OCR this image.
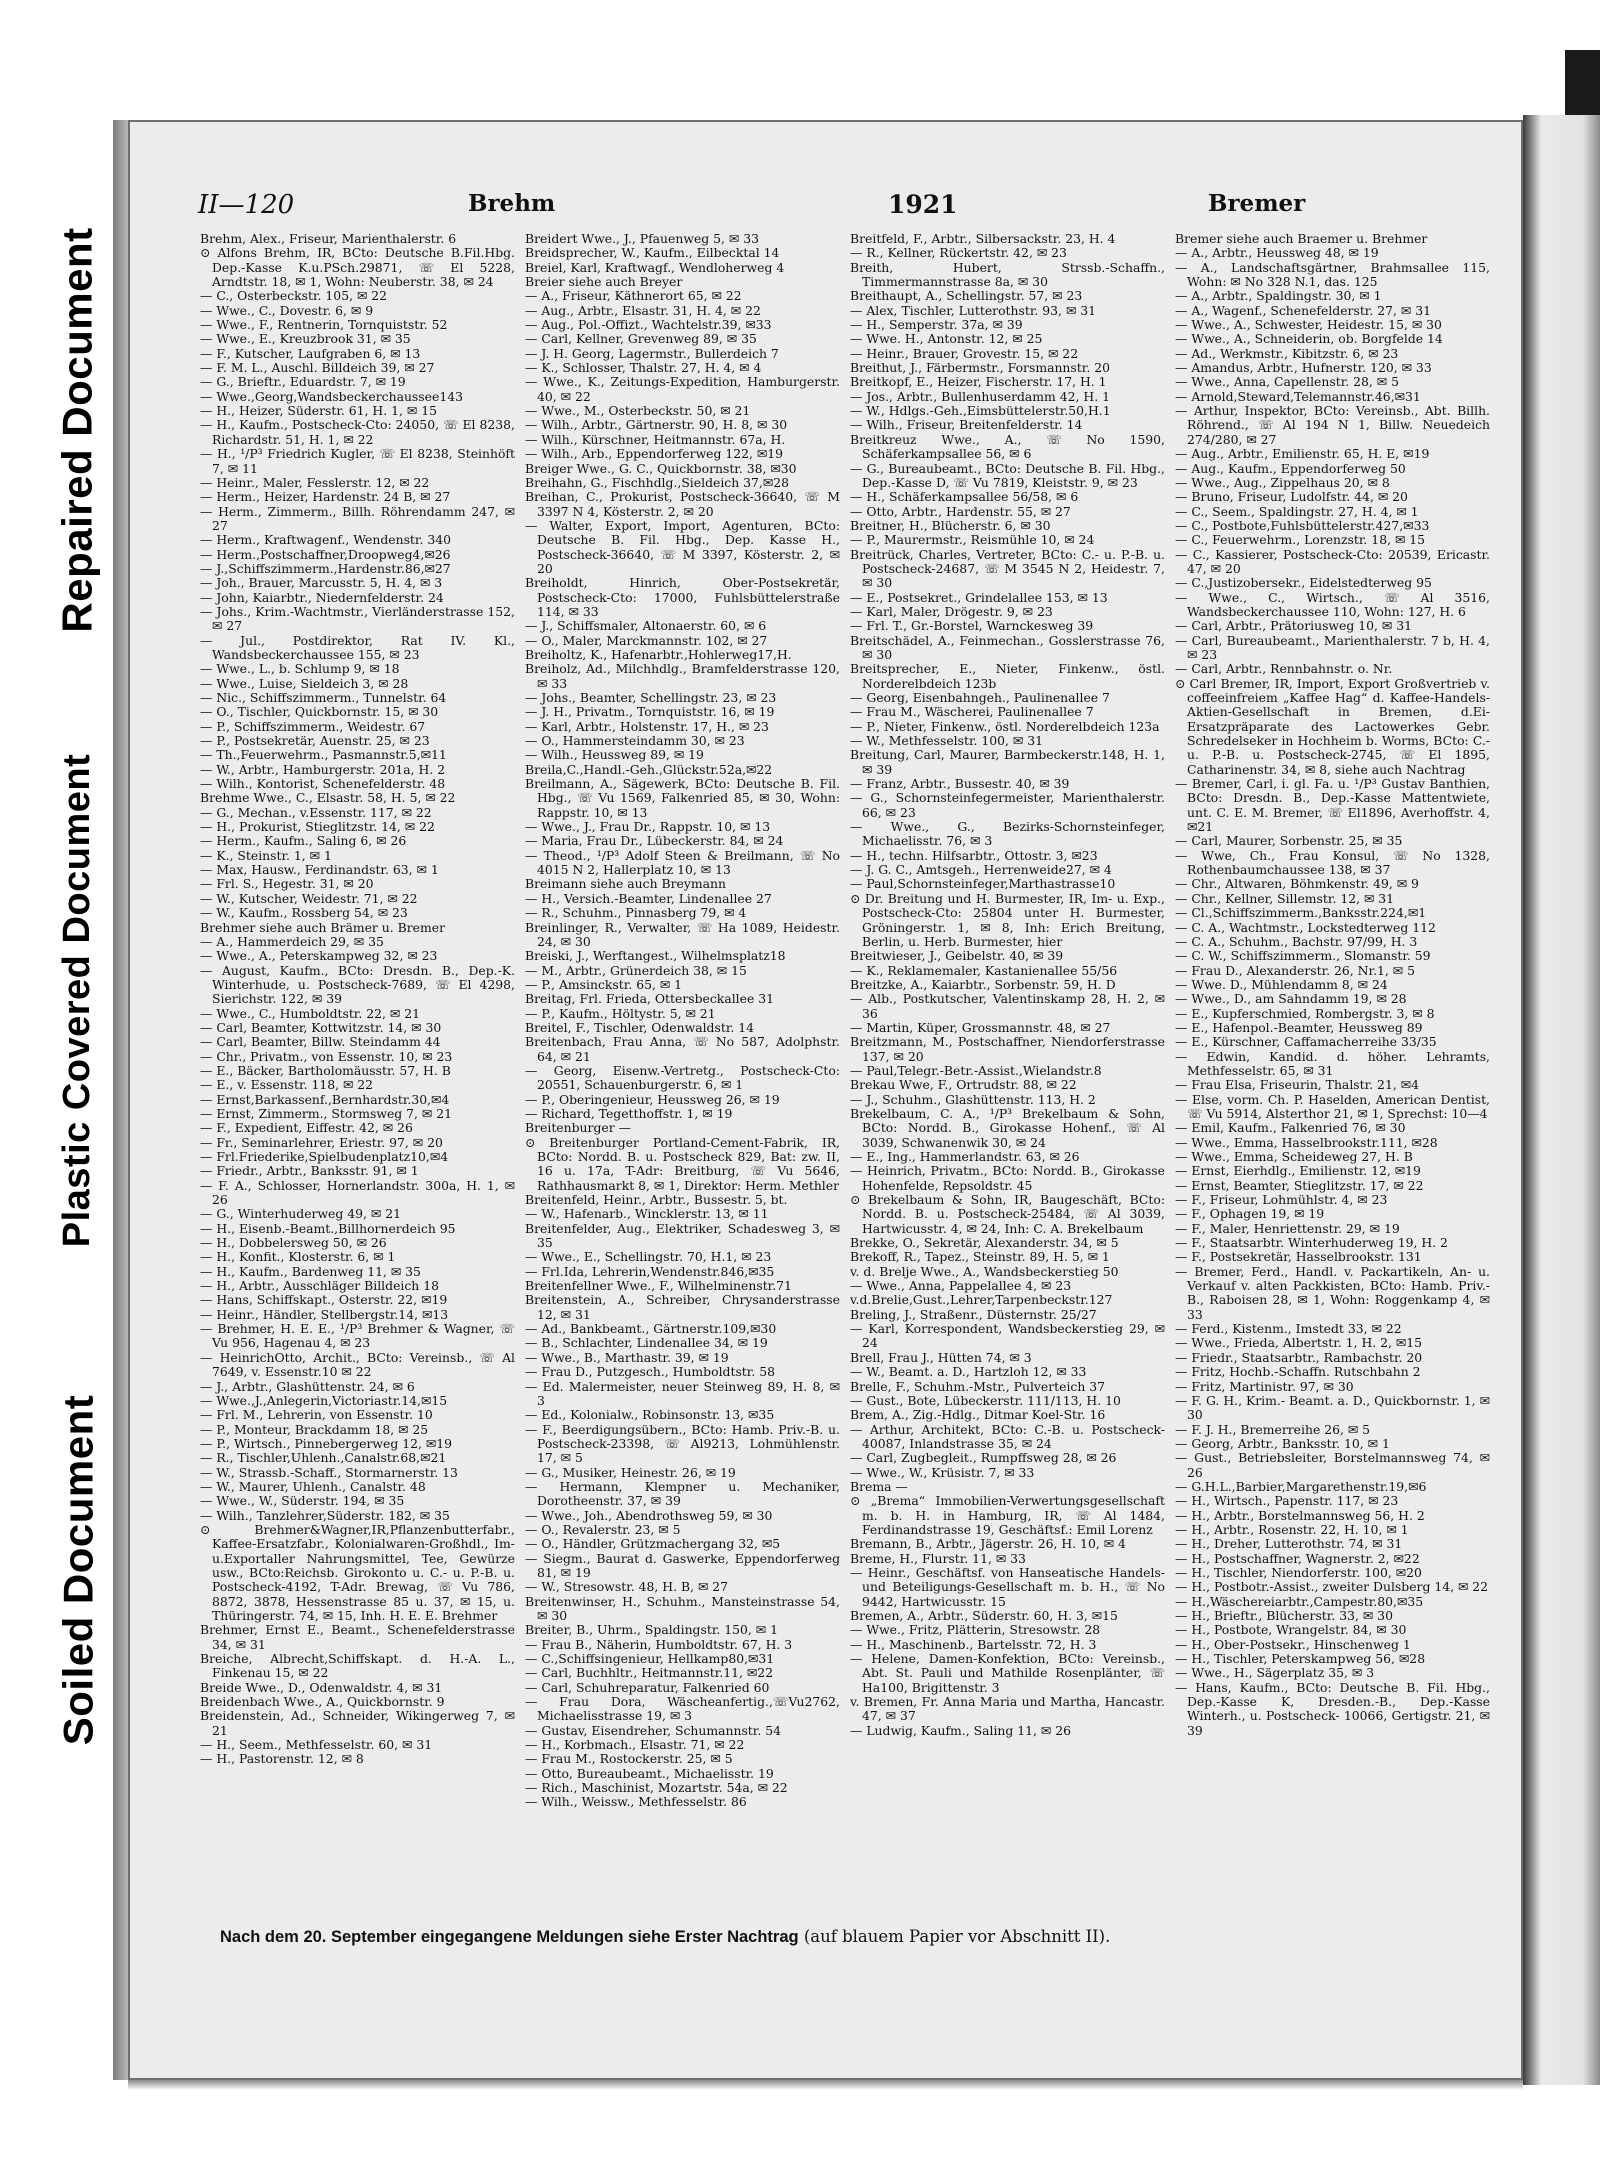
Repaired Document
Plastic Covered Document
Soiled Document
II—120	Brehm	1921	Bremer

Brehm, Alex., Friseur, Marienthalerstr. 6

⊙ Alfons Brehm, IR, BCto: Deutsche B.Fil.Hbg. Dep.-Kasse K.u.PSch.29871, ☏ El 5228, Arndtstr. 18, ✉ 1, Wohn: Neuberstr. 38, ✉ 24

— C., Osterbeckstr. 105, ✉ 22

— Wwe., C., Dovestr. 6, ✉ 9

— Wwe., F., Rentnerin, Tornquiststr. 52

— Wwe., E., Kreuzbrook 31, ✉ 35

— F., Kutscher, Laufgraben 6, ✉ 13

— F. M. L., Auschl. Billdeich 39, ✉ 27

— G., Brieftr., Eduardstr. 7, ✉ 19

— Wwe.,Georg,Wandsbeckerchaussee143

— H., Heizer, Süderstr. 61, H. 1, ✉ 15

— H., Kaufm., Postscheck-Cto: 24050, ☏ El 8238, Richardstr. 51, H. 1, ✉ 22

— H., ¹/P³ Friedrich Kugler, ☏ El 8238, Steinhöft 7, ✉ 11

— Heinr., Maler, Fesslerstr. 12, ✉ 22

— Herm., Heizer, Hardenstr. 24 B, ✉ 27

— Herm., Zimmerm., Billh. Röhrendamm 247, ✉ 27

— Herm., Kraftwagenf., Wendenstr. 340

— Herm.,Postschaffner,Droopweg4,✉26

— J.,Schiffszimmerm.,Hardenstr.86,✉27

— Joh., Brauer, Marcusstr. 5, H. 4, ✉ 3

— John, Kaiarbtr., Niedernfelderstr. 24

— Johs., Krim.-Wachtmstr., Vierländerstrasse 152, ✉ 27

— Jul., Postdirektor, Rat IV. Kl., Wandsbeckerchaussee 155, ✉ 23

— Wwe., L., b. Schlump 9, ✉ 18

— Wwe., Luise, Sieldeich 3, ✉ 28

— Nic., Schiffszimmerm., Tunnelstr. 64

— O., Tischler, Quickbornstr. 15, ✉ 30

— P., Schiffszimmerm., Weidestr. 67

— P., Postsekretär, Auenstr. 25, ✉ 23

— Th.,Feuerwehrm., Pasmannstr.5,✉11

— W., Arbtr., Hamburgerstr. 201a, H. 2

— Wilh., Kontorist, Schenefelderstr. 48

Brehme Wwe., C., Elsastr. 58, H. 5, ✉ 22

— G., Mechan., v.Essenstr. 117, ✉ 22

— H., Prokurist, Stieglitzstr. 14, ✉ 22

— Herm., Kaufm., Saling 6, ✉ 26

— K., Steinstr. 1, ✉ 1

— Max, Hausw., Ferdinandstr. 63, ✉ 1

— Frl. S., Hegestr. 31, ✉ 20

— W., Kutscher, Weidestr. 71, ✉ 22

— W., Kaufm., Rossberg 54, ✉ 23

Brehmer siehe auch Brämer u. Bremer

— A., Hammerdeich 29, ✉ 35

— Wwe., A., Peterskampweg 32, ✉ 23

— August, Kaufm., BCto: Dresdn. B., Dep.-K. Winterhude, u. Postscheck-7689, ☏ El 4298, Sierichstr. 122, ✉ 39

— Wwe., C., Humboldtstr. 22, ✉ 21

— Carl, Beamter, Kottwitzstr. 14, ✉ 30

— Carl, Beamter, Billw. Steindamm 44

— Chr., Privatm., von Essenstr. 10, ✉ 23

— E., Bäcker, Bartholomäusstr. 57, H. B

— E., v. Essenstr. 118, ✉ 22

— Ernst,Barkassenf.,Bernhardstr.30,✉4

— Ernst, Zimmerm., Stormsweg 7, ✉ 21

— F., Expedient, Eiffestr. 42, ✉ 26

— Fr., Seminarlehrer, Eriestr. 97, ✉ 20

— Frl.Friederike,Spielbudenplatz10,✉4

— Friedr., Arbtr., Banksstr. 91, ✉ 1

— F. A., Schlosser, Hornerlandstr. 300a, H. 1, ✉ 26

— G., Winterhuderweg 49, ✉ 21

— H., Eisenb.-Beamt.,Billhornerdeich 95

— H., Dobbelersweg 50, ✉ 26

— H., Konfit., Klosterstr. 6, ✉ 1

— H., Kaufm., Bardenweg 11, ✉ 35

— H., Arbtr., Ausschläger Billdeich 18

— Hans, Schiffskapt., Osterstr. 22, ✉19

— Heinr., Händler, Stellbergstr.14, ✉13

— Brehmer, H. E. E., ¹/P³ Brehmer & Wagner, ☏ Vu 956, Hagenau 4, ✉ 23

— HeinrichOtto, Archit., BCto: Vereinsb., ☏ Al 7649, v. Essenstr.10 ✉ 22

— J., Arbtr., Glashüttenstr. 24, ✉ 6

— Wwe.,J.,Anlegerin,Victoriastr.14,✉15

— Frl. M., Lehrerin, von Essenstr. 10

— P., Monteur, Brackdamm 18, ✉ 25

— P., Wirtsch., Pinnebergerweg 12, ✉19

— R., Tischler,Uhlenh.,Canalstr.68,✉21

— W., Strassb.-Schaff., Stormarnerstr. 13

— W., Maurer, Uhlenh., Canalstr. 48

— Wwe., W., Süderstr. 194, ✉ 35

— Wilh., Tanzlehrer,Süderstr. 182, ✉ 35

⊙ Brehmer&Wagner,IR,Pflanzenbutterfabr., Kaffee-Ersatzfabr., Kolonialwaren-Großhdl., Im-u.Exportaller Nahrungsmittel, Tee, Gewürze usw., BCto:Reichsb. Girokonto u. C.- u. P.-B. u. Postscheck-4192, T-Adr. Brewag, ☏ Vu 786, 8872, 3878, Hessenstrasse 85 u. 37, ✉ 15, u. Thüringerstr. 74, ✉ 15, Inh. H. E. E. Brehmer

Brehmer, Ernst E., Beamt., Schenefelderstrasse 34, ✉ 31

Breiche, Albrecht,Schiffskapt. d. H.-A. L., Finkenau 15, ✉ 22

Breide Wwe., D., Odenwaldstr. 4, ✉ 31

Breidenbach Wwe., A., Quickbornstr. 9

Breidenstein, Ad., Schneider, Wikingerweg 7, ✉ 21

— H., Seem., Methfesselstr. 60, ✉ 31

— H., Pastorenstr. 12, ✉ 8

Breidert Wwe., J., Pfauenweg 5, ✉ 33

Breidsprecher, W., Kaufm., Eilbecktal 14

Breiel, Karl, Kraftwagf., Wendloherweg 4

Breier siehe auch Breyer

— A., Friseur, Käthnerort 65, ✉ 22

— Aug., Arbtr., Elsastr. 31, H. 4, ✉ 22

— Aug., Pol.-Offizt., Wachtelstr.39, ✉33

— Carl, Kellner, Grevenweg 89, ✉ 35

— J. H. Georg, Lagermstr., Bullerdeich 7

— K., Schlosser, Thalstr. 27, H. 4, ✉ 4

— Wwe., K., Zeitungs-Expedition, Hamburgerstr. 40, ✉ 22

— Wwe., M., Osterbeckstr. 50, ✉ 21

— Wilh., Arbtr., Gärtnerstr. 90, H. 8, ✉ 30

— Wilh., Kürschner, Heitmannstr. 67a, H.

— Wilh., Arb., Eppendorferweg 122, ✉19

Breiger Wwe., G. C., Quickbornstr. 38, ✉30

Breihahn, G., Fischhdlg.,Sieldeich 37,✉28

Breihan, C., Prokurist, Postscheck-36640, ☏ M 3397 N 4, Kösterstr. 2, ✉ 20

— Walter, Export, Import, Agenturen, BCto: Deutsche B. Fil. Hbg., Dep. Kasse H., Postscheck-36640, ☏ M 3397, Kösterstr. 2, ✉ 20

Breiholdt, Hinrich, Ober-Postsekretär, Postscheck-Cto: 17000, Fuhlsbüttelerstraße 114, ✉ 33

— J., Schiffsmaler, Altonaerstr. 60, ✉ 6

— O., Maler, Marckmannstr. 102, ✉ 27

Breiholtz, K., Hafenarbtr.,Hohlerweg17,H.

Breiholz, Ad., Milchhdlg., Bramfelderstrasse 120, ✉ 33

— Johs., Beamter, Schellingstr. 23, ✉ 23

— J. H., Privatm., Tornquiststr. 16, ✉ 19

— Karl, Arbtr., Holstenstr. 17, H., ✉ 23

— O., Hammersteindamm 30, ✉ 23

— Wilh., Heussweg 89, ✉ 19

Breila,C.,Handl.-Geh.,Glückstr.52a,✉22

Breilmann, A., Sägewerk, BCto: Deutsche B. Fil. Hbg., ☏ Vu 1569, Falkenried 85, ✉ 30, Wohn: Rappstr. 10, ✉ 13

— Wwe., J., Frau Dr., Rappstr. 10, ✉ 13

— Maria, Frau Dr., Lübeckerstr. 84, ✉ 24

— Theod., ¹/P³ Adolf Steen & Breilmann, ☏ No 4015 N 2, Hallerplatz 10, ✉ 13

Breimann siehe auch Breymann

— H., Versich.-Beamter, Lindenallee 27

— R., Schuhm., Pinnasberg 79, ✉ 4

Breinlinger, R., Verwalter, ☏ Ha 1089, Heidestr. 24, ✉ 30

Breiski, J., Werftangest., Wilhelmsplatz18

— M., Arbtr., Grünerdeich 38, ✉ 15

— P., Amsinckstr. 65, ✉ 1

Breitag, Frl. Frieda, Ottersbeckallee 31

— P., Kaufm., Höltystr. 5, ✉ 21

Breitel, F., Tischler, Odenwaldstr. 14

Breitenbach, Frau Anna, ☏ No 587, Adolphstr. 64, ✉ 21

— Georg, Eisenw.-Vertretg., Postscheck-Cto: 20551, Schauenburgerstr. 6, ✉ 1

— P., Oberingenieur, Heussweg 26, ✉ 19

— Richard, Tegetthoffstr. 1, ✉ 19

Breitenburger —

⊙ Breitenburger Portland-Cement-Fabrik, IR, BCto: Nordd. B. u. Postscheck 829, Bat: zw. II, 16 u. 17a, T-Adr: Breitburg, ☏ Vu 5646, Rathhausmarkt 8, ✉ 1, Direktor: Herm. Methler

Breitenfeld, Heinr., Arbtr., Bussestr. 5, bt.

— W., Hafenarb., Wincklerstr. 13, ✉ 11

Breitenfelder, Aug., Elektriker, Schadesweg 3, ✉ 35

— Wwe., E., Schellingstr. 70, H.1, ✉ 23

— Frl.Ida, Lehrerin,Wendenstr.846,✉35

Breitenfellner Wwe., F., Wilhelminenstr.71

Breitenstein, A., Schreiber, Chrysanderstrasse 12, ✉ 31

— Ad., Bankbeamt., Gärtnerstr.109,✉30

— B., Schlachter, Lindenallee 34, ✉ 19

— Wwe., B., Marthastr. 39, ✉ 19

— Frau D., Putzgesch., Humboldtstr. 58

— Ed. Malermeister, neuer Steinweg 89, H. 8, ✉ 3

— Ed., Kolonialw., Robinsonstr. 13, ✉35

— F., Beerdigungsübern., BCto: Hamb. Priv.-B. u. Postscheck-23398, ☏ Al9213, Lohmühlenstr. 17, ✉ 5

— G., Musiker, Heinestr. 26, ✉ 19

— Hermann, Klempner u. Mechaniker, Dorotheenstr. 37, ✉ 39

— Wwe., Joh., Abendrothsweg 59, ✉ 30

— O., Revalerstr. 23, ✉ 5

— O., Händler, Grützmachergang 32, ✉5

— Siegm., Baurat d. Gaswerke, Eppendorferweg 81, ✉ 19

— W., Stresowstr. 48, H. B, ✉ 27

Breitenwinser, H., Schuhm., Mansteinstrasse 54, ✉ 30

Breiter, B., Uhrm., Spaldingstr. 150, ✉ 1

— Frau B., Näherin, Humboldtstr. 67, H. 3

— C.,Schiffsingenieur, Hellkamp80,✉31

— Carl, Buchhltr., Heitmannstr.11, ✉22

— Carl, Schuhreparatur, Falkenried 60

— Frau Dora, Wäscheanfertig.,☏Vu2762, Michaelisstrasse 19, ✉ 3

— Gustav, Eisendreher, Schumannstr. 54

— H., Korbmach., Elsastr. 71, ✉ 22

— Frau M., Rostockerstr. 25, ✉ 5

— Otto, Bureaubeamt., Michaelisstr. 19

— Rich., Maschinist, Mozartstr. 54a, ✉ 22

— Wilh., Weissw., Methfesselstr. 86

Breitfeld, F., Arbtr., Silbersackstr. 23, H. 4

— R., Kellner, Rückertstr. 42, ✉ 23

Breith, Hubert, Strssb.-Schaffn., Timmermannstrasse 8a, ✉ 30

Breithaupt, A., Schellingstr. 57, ✉ 23

— Alex, Tischler, Lutterothstr. 93, ✉ 31

— H., Semperstr. 37a, ✉ 39

— Wwe. H., Antonstr. 12, ✉ 25

— Heinr., Brauer, Grovestr. 15, ✉ 22

Breithut, J., Färbermstr., Forsmannstr. 20

Breitkopf, E., Heizer, Fischerstr. 17, H. 1

— Jos., Arbtr., Bullenhuserdamm 42, H. 1

— W., Hdlgs.-Geh.,Eimsbüttelerstr.50,H.1

— Wilh., Friseur, Breitenfelderstr. 14

Breitkreuz Wwe., A., ☏ No 1590, Schäferkampsallee 56, ✉ 6

— G., Bureaubeamt., BCto: Deutsche B. Fil. Hbg., Dep.-Kasse D, ☏ Vu 7819, Kleiststr. 9, ✉ 23

— H., Schäferkampsallee 56/58, ✉ 6

— Otto, Arbtr., Hardenstr. 55, ✉ 27

Breitner, H., Blücherstr. 6, ✉ 30

— P., Maurermstr., Reismühle 10, ✉ 24

Breitrück, Charles, Vertreter, BCto: C.- u. P.-B. u. Postscheck-24687, ☏ M 3545 N 2, Heidestr. 7, ✉ 30

— E., Postsekret., Grindelallee 153, ✉ 13

— Karl, Maler, Drögestr. 9, ✉ 23

— Frl. T., Gr.-Borstel, Warnckesweg 39

Breitschädel, A., Feinmechan., Gosslerstrasse 76, ✉ 30

Breitsprecher, E., Nieter, Finkenw., östl. Norderelbdeich 123b

— Georg, Eisenbahngeh., Paulinenallee 7

— Frau M., Wäscherei, Paulinenallee 7

— P., Nieter, Finkenw., östl. Norderelbdeich 123a

— W., Methfesselstr. 100, ✉ 31

Breitung, Carl, Maurer, Barmbeckerstr.148, H. 1, ✉ 39

— Franz, Arbtr., Bussestr. 40, ✉ 39

— G., Schornsteinfegermeister, Marienthalerstr. 66, ✉ 23

— Wwe., G., Bezirks-Schornsteinfeger, Michaelisstr. 76, ✉ 3

— H., techn. Hilfsarbtr., Ottostr. 3, ✉23

— J. G. C., Amtsgeh., Herrenweide27, ✉ 4

— Paul,Schornsteinfeger,Marthastrasse10

⊙ Dr. Breitung und H. Burmester, IR, Im- u. Exp., Postscheck-Cto: 25804 unter H. Burmester, Gröningerstr. 1, ✉ 8, Inh: Erich Breitung, Berlin, u. Herb. Burmester, hier

Breitwieser, J., Geibelstr. 40, ✉ 39

— K., Reklamemaler, Kastanienallee 55/56

Breitzke, A., Kaiarbtr., Sorbenstr. 59, H. D

— Alb., Postkutscher, Valentinskamp 28, H. 2, ✉ 36

— Martin, Küper, Grossmannstr. 48, ✉ 27

Breitzmann, M., Postschaffner, Niendorferstrasse 137, ✉ 20

— Paul,Telegr.-Betr.-Assist.,Wielandstr.8

Brekau Wwe, F., Ortrudstr. 88, ✉ 22

— J., Schuhm., Glashüttenstr. 113, H. 2

Brekelbaum, C. A., ¹/P³ Brekelbaum & Sohn, BCto: Nordd. B., Girokasse Hohenf., ☏ Al 3039, Schwanenwik 30, ✉ 24

— E., Ing., Hammerlandstr. 63, ✉ 26

— Heinrich, Privatm., BCto: Nordd. B., Girokasse Hohenfelde, Repsoldstr. 45

⊙ Brekelbaum & Sohn, IR, Baugeschäft, BCto: Nordd. B. u. Postscheck-25484, ☏ Al 3039, Hartwicusstr. 4, ✉ 24, Inh: C. A. Brekelbaum

Brekke, O., Sekretär, Alexanderstr. 34, ✉ 5

Brekoff, R., Tapez., Steinstr. 89, H. 5, ✉ 1

v. d. Brelje Wwe., A., Wandsbeckerstieg 50

— Wwe., Anna, Pappelallee 4, ✉ 23

v.d.Brelie,Gust.,Lehrer,Tarpenbeckstr.127

Breling, J., Straßenr., Düsternstr. 25/27

— Karl, Korrespondent, Wandsbeckerstieg 29, ✉ 24

Brell, Frau J., Hütten 74, ✉ 3

— W., Beamt. a. D., Hartzloh 12, ✉ 33

Brelle, F., Schuhm.-Mstr., Pulverteich 37

— Gust., Bote, Lübeckerstr. 111/113, H. 10

Brem, A., Zig.-Hdlg., Ditmar Koel-Str. 16

— Arthur, Architekt, BCto: C.-B. u. Postscheck-40087, Inlandstrasse 35, ✉ 24

— Carl, Zugbegleit., Rumpffsweg 28, ✉ 26

— Wwe., W., Krüsistr. 7, ✉ 33

Brema —

⊙ „Brema“ Immobilien-Verwertungsgesellschaft m. b. H. in Hamburg, IR, ☏ Al 1484, Ferdinandstrasse 19, Geschäftsf.: Emil Lorenz

Bremann, B., Arbtr., Jägerstr. 26, H. 10, ✉ 4

Breme, H., Flurstr. 11, ✉ 33

— Heinr., Geschäftsf. von Hanseatische Handels-und Beteiligungs-Gesellschaft m. b. H., ☏ No 9442, Hartwicusstr. 15

Bremen, A., Arbtr., Süderstr. 60, H. 3, ✉15

— Wwe., Fritz, Plätterin, Stresowstr. 28

— H., Maschinenb., Bartelsstr. 72, H. 3

— Helene, Damen-Konfektion, BCto: Vereinsb., Abt. St. Pauli und Mathilde Rosenplänter, ☏ Ha100, Brigittenstr. 3

v. Bremen, Fr. Anna Maria und Martha, Hancastr. 47, ✉ 37

— Ludwig, Kaufm., Saling 11, ✉ 26

Bremer siehe auch Braemer u. Brehmer

— A., Arbtr., Heussweg 48, ✉ 19

— A., Landschaftsgärtner, Brahmsallee 115, Wohn: ✉ No 328 N.1, das. 125

— A., Arbtr., Spaldingstr. 30, ✉ 1

— A., Wagenf., Schenefelderstr. 27, ✉ 31

— Wwe., A., Schwester, Heidestr. 15, ✉ 30

— Wwe., A., Schneiderin, ob. Borgfelde 14

— Ad., Werkmstr., Kibitzstr. 6, ✉ 23

— Amandus, Arbtr., Hufnerstr. 120, ✉ 33

— Wwe., Anna, Capellenstr. 28, ✉ 5

— Arnold,Steward,Telemannstr.46,✉31

— Arthur, Inspektor, BCto: Vereinsb., Abt. Billh. Röhrend., ☏ Al 194 N 1, Billw. Neuedeich 274/280, ✉ 27

— Aug., Arbtr., Emilienstr. 65, H. E, ✉19

— Aug., Kaufm., Eppendorferweg 50

— Wwe., Aug., Zippelhaus 20, ✉ 8

— Bruno, Friseur, Ludolfstr. 44, ✉ 20

— C., Seem., Spaldingstr. 27, H. 4, ✉ 1

— C., Postbote,Fuhlsbüttelerstr.427,✉33

— C., Feuerwehrm., Lorenzstr. 18, ✉ 15

— C., Kassierer, Postscheck-Cto: 20539, Ericastr. 47, ✉ 20

— C.,Justizobersekr., Eidelstedterweg 95

— Wwe., C., Wirtsch., ☏ Al 3516, Wandsbeckerchaussee 110, Wohn: 127, H. 6

— Carl, Arbtr., Prätoriusweg 10, ✉ 31

— Carl, Bureaubeamt., Marienthalerstr. 7 b, H. 4, ✉ 23

— Carl, Arbtr., Rennbahnstr. o. Nr.

⊙ Carl Bremer, IR, Import, Export Großvertrieb v. coffeeinfreiem „Kaffee Hag“ d. Kaffee-Handels-Aktien-Gesellschaft in Bremen, d.Ei-Ersatzpräparate des Lactowerkes Gebr. Schredelseker in Hochheim b. Worms, BCto: C.- u. P.-B. u. Postscheck-2745, ☏ El 1895, Catharinenstr. 34, ✉ 8, siehe auch Nachtrag

— Bremer, Carl, i. gl. Fa. u. ¹/P³ Gustav Banthien, BCto: Dresdn. B., Dep.-Kasse Mattentwiete, unt. C. E. M. Bremer, ☏ El1896, Averhoffstr. 4, ✉21

— Carl, Maurer, Sorbenstr. 25, ✉ 35

— Wwe, Ch., Frau Konsul, ☏ No 1328, Rothenbaumchaussee 138, ✉ 37

— Chr., Altwaren, Böhmkenstr. 49, ✉ 9

— Chr., Kellner, Sillemstr. 12, ✉ 31

— Cl.,Schiffszimmerm.,Banksstr.224,✉1

— C. A., Wachtmstr., Lockstedterweg 112

— C. A., Schuhm., Bachstr. 97/99, H. 3

— C. W., Schiffszimmerm., Slomanstr. 59

— Frau D., Alexanderstr. 26, Nr.1, ✉ 5

— Wwe. D., Mühlendamm 8, ✉ 24

— Wwe., D., am Sahndamm 19, ✉ 28

— E., Kupferschmied, Rombergstr. 3, ✉ 8

— E., Hafenpol.-Beamter, Heussweg 89

— E., Kürschner, Caffamacherreihe 33/35

— Edwin, Kandid. d. höher. Lehramts, Methfesselstr. 65, ✉ 31

— Frau Elsa, Friseurin, Thalstr. 21, ✉4

— Else, vorm. Ch. P. Haselden, American Dentist, ☏ Vu 5914, Alsterthor 21, ✉ 1, Sprechst: 10—4

— Emil, Kaufm., Falkenried 76, ✉ 30

— Wwe., Emma, Hasselbrookstr.111, ✉28

— Wwe., Emma, Scheideweg 27, H. B

— Ernst, Eierhdlg., Emilienstr. 12, ✉19

— Ernst, Beamter, Stieglitzstr. 17, ✉ 22

— F., Friseur, Lohmühlstr. 4, ✉ 23

— F., Ophagen 19, ✉ 19

— F., Maler, Henriettenstr. 29, ✉ 19

— F., Staatsarbtr. Winterhuderweg 19, H. 2

— F., Postsekretär, Hasselbrookstr. 131

— Bremer, Ferd., Handl. v. Packartikeln, An- u. Verkauf v. alten Packkisten, BCto: Hamb. Priv.-B., Raboisen 28, ✉ 1, Wohn: Roggenkamp 4, ✉ 33

— Ferd., Kistenm., Imstedt 33, ✉ 22

— Wwe., Frieda, Albertstr. 1, H. 2, ✉15

— Friedr., Staatsarbtr., Rambachstr. 20

— Fritz, Hochb.-Schaffn. Rutschbahn 2

— Fritz, Martinistr. 97, ✉ 30

— F. G. H., Krim.- Beamt. a. D., Quickbornstr. 1, ✉ 30

— F. J. H., Bremerreihe 26, ✉ 5

— Georg, Arbtr., Banksstr. 10, ✉ 1

— Gust., Betriebsleiter, Borstelmannsweg 74, ✉ 26

— G.H.L.,Barbier,Margarethenstr.19,✉6

— H., Wirtsch., Papenstr. 117, ✉ 23

— H., Arbtr., Borstelmannsweg 56, H. 2

— H., Arbtr., Rosenstr. 22, H. 10, ✉ 1

— H., Dreher, Lutterothstr. 74, ✉ 31

— H., Postschaffner, Wagnerstr. 2, ✉22

— H., Tischler, Niendorferstr. 100, ✉20

— H., Postbotr.-Assist., zweiter Dulsberg 14, ✉ 22

— H.,Wäschereiarbtr.,Campestr.80,✉35

— H., Brieftr., Blücherstr. 33, ✉ 30

— H., Postbote, Wrangelstr. 84, ✉ 30

— H., Ober-Postsekr., Hinschenweg 1

— H., Tischler, Peterskampweg 56, ✉28

— Wwe., H., Sägerplatz 35, ✉ 3

— Hans, Kaufm., BCto: Deutsche B. Fil. Hbg., Dep.-Kasse K, Dresden.-B., Dep.-Kasse Winterh., u. Postscheck- 10066, Gertigstr. 21, ✉ 39

Nach dem 20. September eingegangene Meldungen siehe Erster Nachtrag (auf blauem Papier vor Abschnitt II).
